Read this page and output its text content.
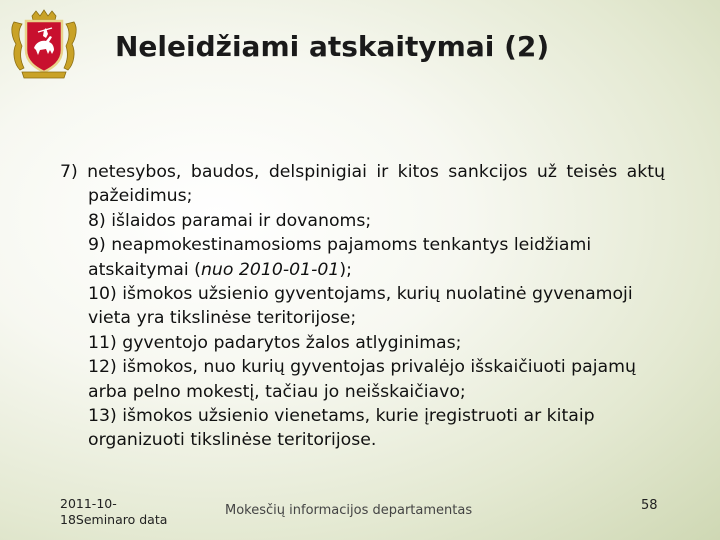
Neleidžiami atskaitymai (2)
7) netesybos, baudos, delspinigiai ir kitos sankcijos už teisės aktų pažeidimus;
8) išlaidos paramai ir dovanoms;
9) neapmokestinamosioms pajamoms tenkantys leidžiami atskaitymai (nuo 2010-01-01);
10) išmokos užsienio gyventojams, kurių nuolatinė gyvenamoji vieta yra tikslinėse teritorijose;
11) gyventojo padarytos žalos atlyginimas;
12) išmokos, nuo kurių gyventojas privalėjo išskaičiuoti pajamų arba pelno mokestį, tačiau jo neišskaičiavo;
13) išmokos užsienio vienetams, kurie įregistruoti ar kitaip organizuoti tikslinėse teritorijose.
2011-10-
18Seminaro data
Mokesčių informacijos departamentas	58
